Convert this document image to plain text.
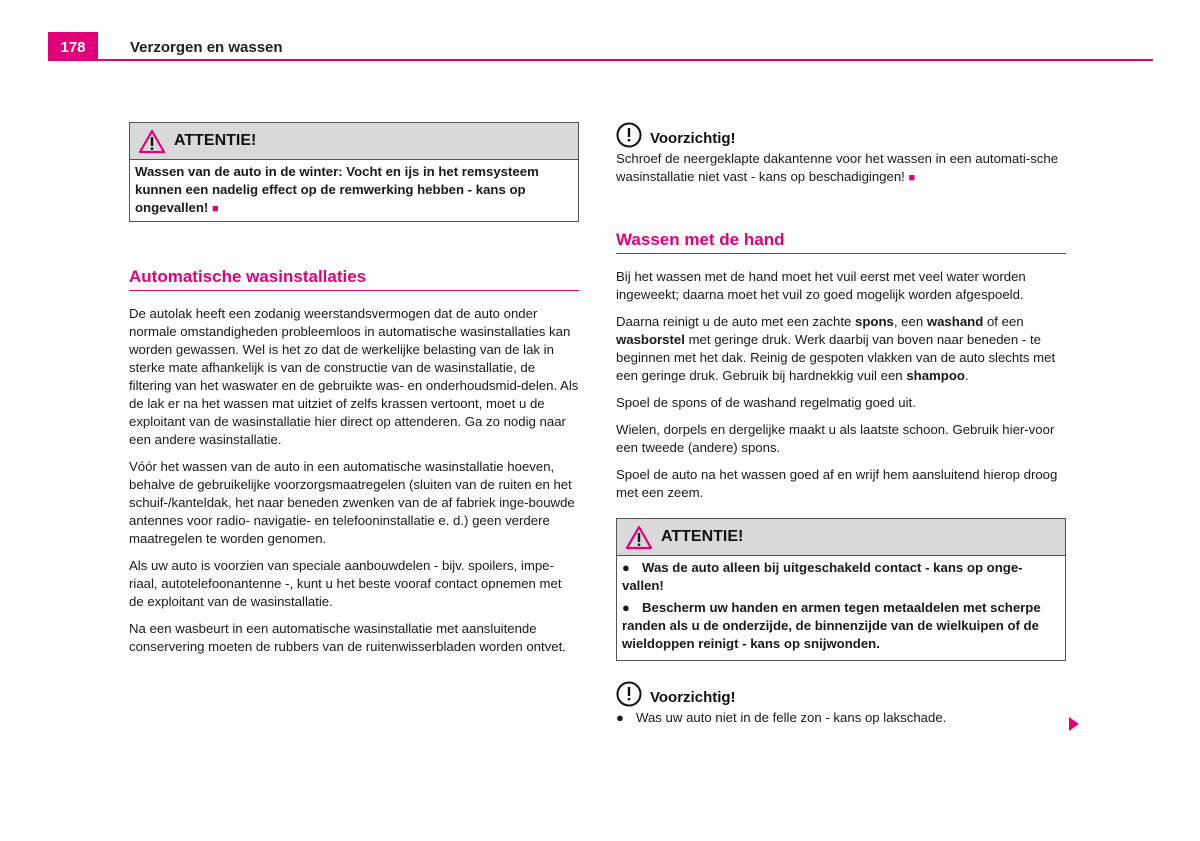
178	Verzorgen en wassen
ATTENTIE!
Wassen van de auto in de winter: Vocht en ijs in het remsysteem kunnen een nadelig effect op de remwerking hebben - kans op ongevallen! ■
Automatische wasinstallaties

De autolak heeft een zodanig weerstandsvermogen dat de auto onder normale omstandigheden probleemloos in automatische wasinstallaties kan worden gewassen. Wel is het zo dat de werkelijke belasting van de lak in sterke mate afhankelijk is van de constructie van de wasinstallatie, de filtering van het waswater en de gebruikte was- en onderhoudsmid-delen. Als de lak er na het wassen mat uitziet of zelfs krassen vertoont, moet u de exploitant van de wasinstallatie hier direct op attenderen. Ga zo nodig naar een andere wasinstallatie.

Vóór het wassen van de auto in een automatische wasinstallatie hoeven, behalve de gebruikelijke voorzorgsmaatregelen (sluiten van de ruiten en het schuif-/kanteldak, het naar beneden zwenken van de af fabriek inge-bouwde antennes voor radio- navigatie- en telefooninstallatie e. d.) geen verdere maatregelen te worden genomen.

Als uw auto is voorzien van speciale aanbouwdelen - bijv. spoilers, impe-riaal, autotelefoonantenne -, kunt u het beste vooraf contact opnemen met de exploitant van de wasinstallatie.

Na een wasbeurt in een automatische wasinstallatie met aansluitende conservering moeten de rubbers van de ruitenwisserbladen worden ontvet.

Voorzichtig!

Schroef de neergeklapte dakantenne voor het wassen in een automati-sche wasinstallatie niet vast - kans op beschadigingen! ■

Wassen met de hand

Bij het wassen met de hand moet het vuil eerst met veel water worden ingeweekt; daarna moet het vuil zo goed mogelijk worden afgespoeld.

Daarna reinigt u de auto met een zachte spons, een washand of een wasborstel met geringe druk. Werk daarbij van boven naar beneden - te beginnen met het dak. Reinig de gespoten vlakken van de auto slechts met een geringe druk. Gebruik bij hardnekkig vuil een shampoo.

Spoel de spons of de washand regelmatig goed uit.

Wielen, dorpels en dergelijke maakt u als laatste schoon. Gebruik hier-voor een tweede (andere) spons.

Spoel de auto na het wassen goed af en wrijf hem aansluitend hierop droog met een zeem.

ATTENTIE!
● Was de auto alleen bij uitgeschakeld contact - kans op onge-vallen!
● Bescherm uw handen en armen tegen metaaldelen met scherpe randen als u de onderzijde, de binnenzijde van de wielkuipen of de wieldoppen reinigt - kans op snijwonden.
Voorzichtig!
● Was uw auto niet in de felle zon - kans op lakschade.
